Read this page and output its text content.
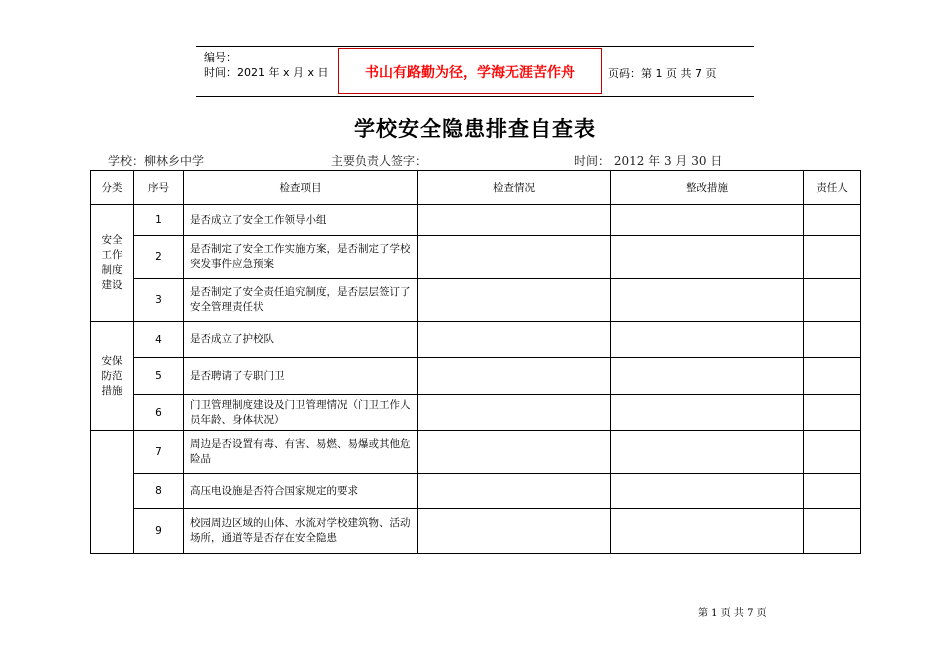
编号：
时间：2021 年 x 月 x 日	书山有路勤为径，学海无涯苦作舟	页码：第 1 页 共 7 页
学校安全隐患排查自查表
学校：柳林乡中学	主要负责人签字：	时间： 2012 年 3 月 30 日
分类	序号	检查项目	检查情况	整改措施	责任人
安全工作制度建设	1	是否成立了安全工作领导小组			
	2	是否制定了安全工作实施方案，是否制定了学校突发事件应急预案			
	3	是否制定了安全责任追究制度，是否层层签订了安全管理责任状			
安保防范措施	4	是否成立了护校队			
	5	是否聘请了专职门卫			
	6	门卫管理制度建设及门卫管理情况（门卫工作人员年龄、身体状况）			
	7	周边是否设置有毒、有害、易燃、易爆或其他危险品			
	8	高压电设施是否符合国家规定的要求			
	9	校园周边区域的山体、水流对学校建筑物、活动场所，通道等是否存在安全隐患			
第 1 页 共 7 页
